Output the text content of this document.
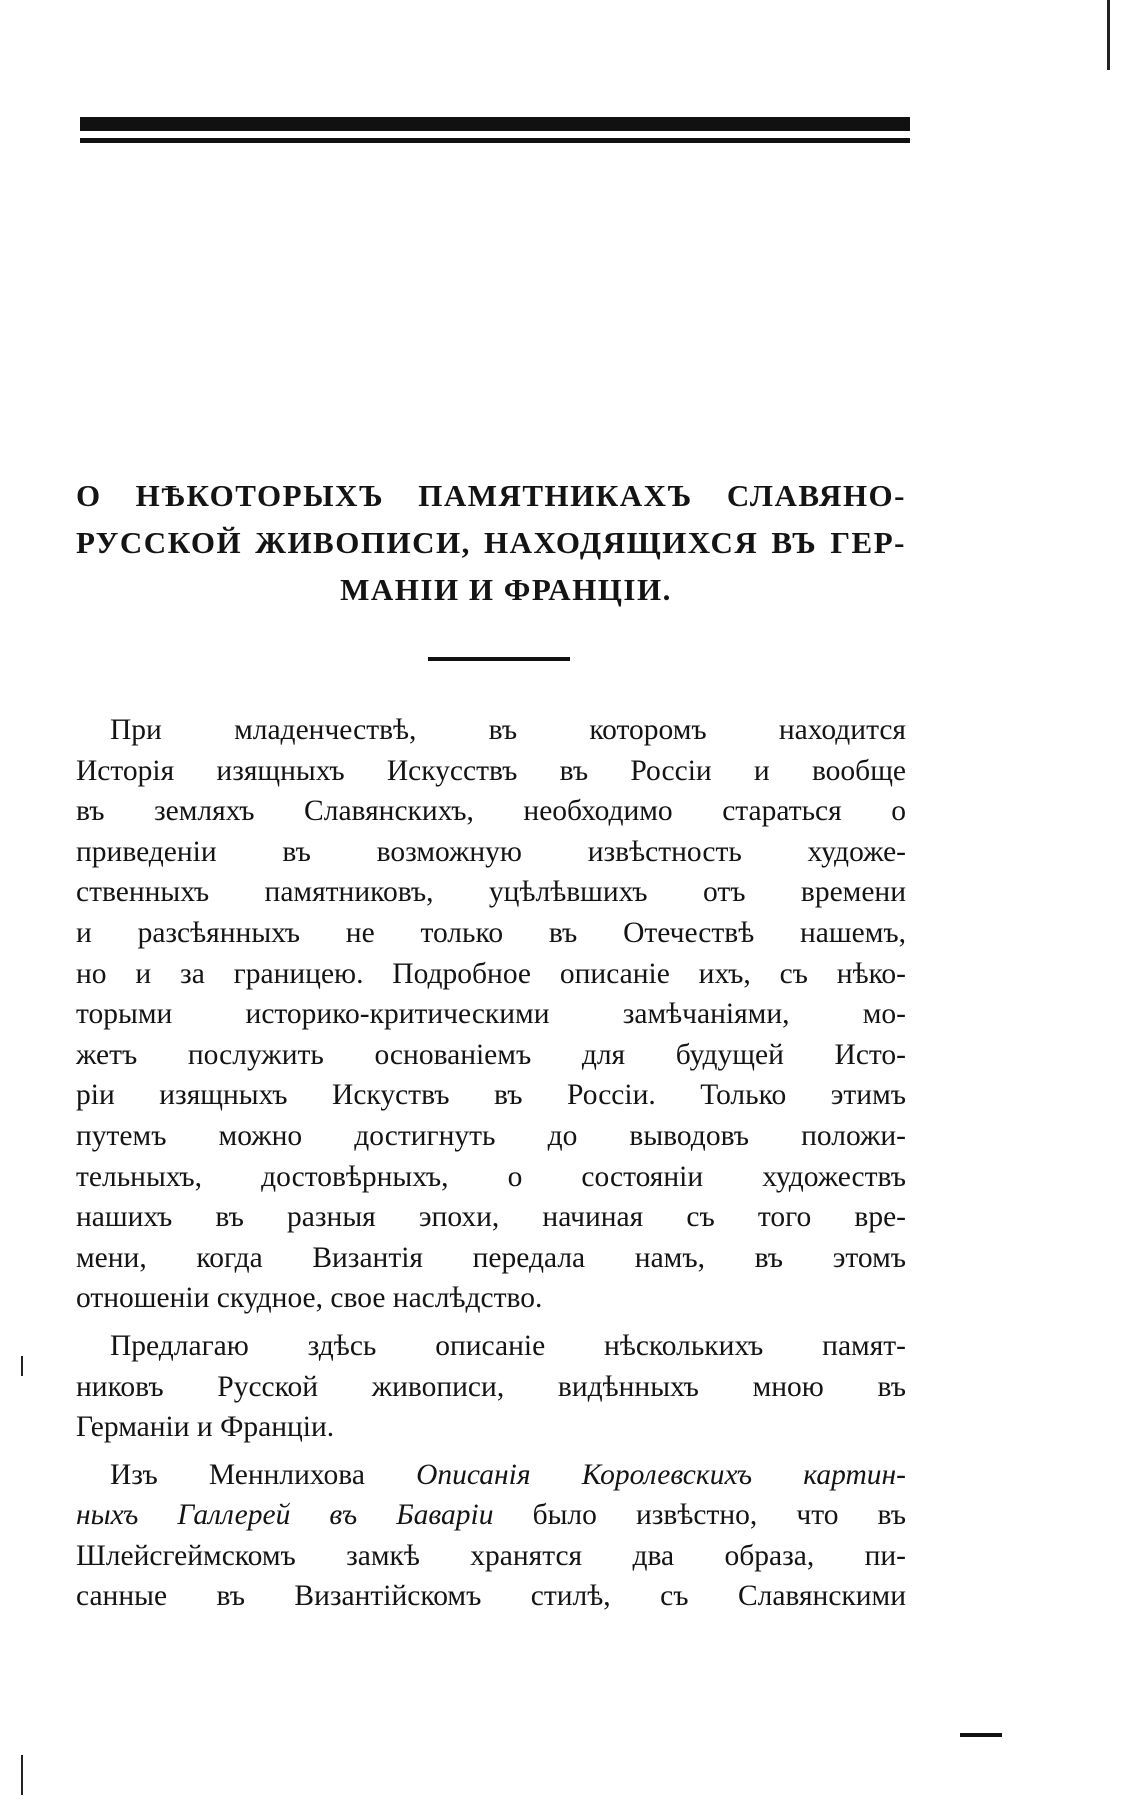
О НѢКОТОРЫХЪ ПАМЯТНИКАХЪ СЛАВЯНО-
РУССКОЙ ЖИВОПИСИ, НАХОДЯЩИХСЯ ВЪ ГЕР-
МАНІИ И ФРАНЦІИ.
При младенчествѣ, въ которомъ находится
Исторія изящныхъ Искусствъ въ Россіи и вообще
въ земляхъ Славянскихъ, необходимо стараться о
приведеніи въ возможную извѣстность художе-
ственныхъ памятниковъ, уцѣлѣвшихъ отъ времени
и разсѣянныхъ не только въ Отечествѣ нашемъ,
но и за границею. Подробное описаніе ихъ, съ нѣко-
торыми историко-критическими замѣчаніями, мо-
жетъ послужить основаніемъ для будущей Исто-
ріи изящныхъ Искуствъ въ Россіи. Только этимъ
путемъ можно достигнуть до выводовъ положи-
тельныхъ, достовѣрныхъ, о состояніи художествъ
нашихъ въ разныя эпохи, начиная съ того вре-
мени, когда Византія передала намъ, въ этомъ
отношеніи скудное, свое наслѣдство.
Предлагаю здѣсь описаніе нѣсколькихъ памят-
никовъ Русской живописи, видѣнныхъ мною въ
Германіи и Франціи.
Изъ Меннлихова Описанія Королевскихъ картин-
ныхъ Галлерей въ Баваріи было извѣстно, что въ
Шлейсгеймскомъ замкѣ хранятся два образа, пи-
санные въ Византійскомъ стилѣ, съ Славянскими
